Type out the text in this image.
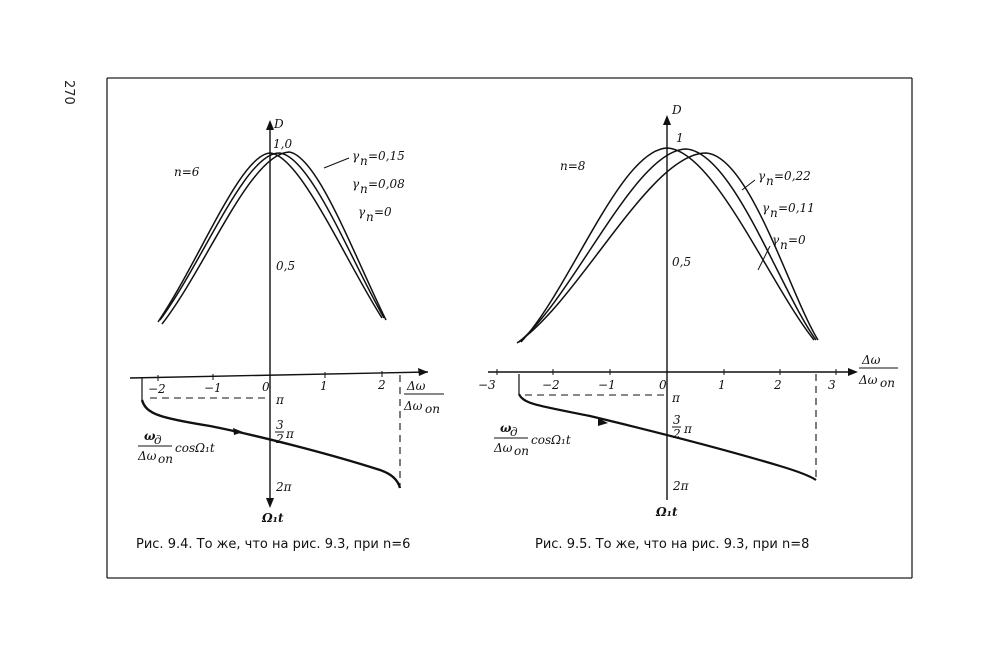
270
−2	−1	0	1	2
0,5
1,0
D
n=6
Δω
Δω оп
γ п =0,15
γ п =0,08
γ п =0
π
3
2 π
2π
Ω₁t
ω
д
Δω оп
cosΩ₁t
−3	−2	−1	0	1	2	3
0,5
1
D
n=8
Δω
Δω оп
γ п =0,22
γ п =0,11
γ п =0
π
3
2 π
2π
Ω₁t
ω
д
Δω оп
cosΩ₁t
Рис. 9.4. То же, что на рис. 9.3, при n=6	Рис. 9.5. То же, что на рис. 9.3, при n=8
